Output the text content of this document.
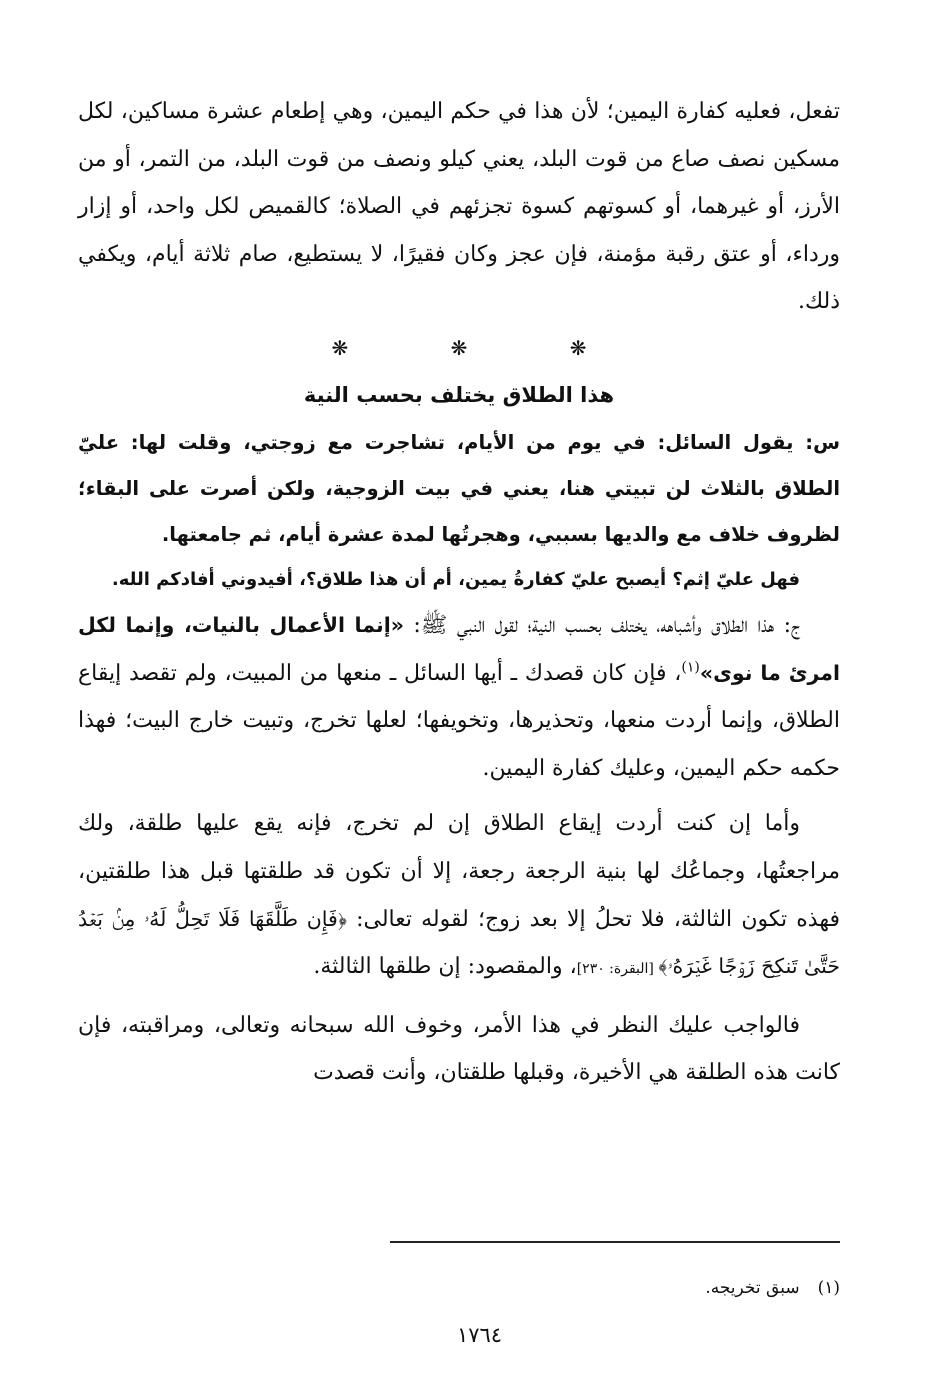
تفعل، فعليه كفارة اليمين؛ لأن هذا في حكم اليمين، وهي إطعام عشرة مساكين، لكل مسكين نصف صاع من قوت البلد، يعني كيلو ونصف من قوت البلد، من التمر، أو من الأرز، أو غيرهما، أو كسوتهم كسوة تجزئهم في الصلاة؛ كالقميص لكل واحد، أو إزار ورداء، أو عتق رقبة مؤمنة، فإن عجز وكان فقيرًا، لا يستطيع، صام ثلاثة أيام، ويكفي ذلك.

❋ ❋ ❋
هذا الطلاق يختلف بحسب النية

س: يقول السائل: في يوم من الأيام، تشاجرت مع زوجتي، وقلت لها: عليّ الطلاق بالثلاث لن تبيتي هنا، يعني في بيت الزوجية، ولكن أصرت على البقاء؛ لظروف خلاف مع والديها بسببي، وهجرتُها لمدة عشرة أيام، ثم جامعتها.

فهل عليّ إثم؟ أيصبح عليّ كفارةُ يمين، أم أن هذا طلاق؟، أفيدوني أفادكم الله.

ج: هذا الطلاق وأشباهه، يختلف بحسب النية؛ لقول النبي ﷺ: «إنما الأعمال بالنيات، وإنما لكل امرئ ما نوى»$^{(١)}$، فإن كان قصدك ـ أيها السائل ـ منعها من المبيت، ولم تقصد إيقاع الطلاق، وإنما أردت منعها، وتحذيرها، وتخويفها؛ لعلها تخرج، وتبيت خارج البيت؛ فهذا حكمه حكم اليمين، وعليك كفارة اليمين.

وأما إن كنت أردت إيقاع الطلاق إن لم تخرج، فإنه يقع عليها طلقة، ولك مراجعتُها، وجماعُك لها بنية الرجعة رجعة، إلا أن تكون قد طلقتها قبل هذا طلقتين، فهذه تكون الثالثة، فلا تحلُ إلا بعد زوج؛ لقوله تعالى: ﴿فَإِن طَلَّقَهَا فَلَا تَحِلُّ لَهُۥ مِنۢ بَعۡدُ حَتَّىٰ تَنكِحَ زَوۡجًا غَيۡرَهُۥ﴾ [البقرة: ٢٣٠]، والمقصود: إن طلقها الثالثة.

فالواجب عليك النظر في هذا الأمر، وخوف الله سبحانه وتعالى، ومراقبته، فإن كانت هذه الطلقة هي الأخيرة، وقبلها طلقتان، وأنت قصدت

(١)سبق تخريجه.
١٧٦٤
